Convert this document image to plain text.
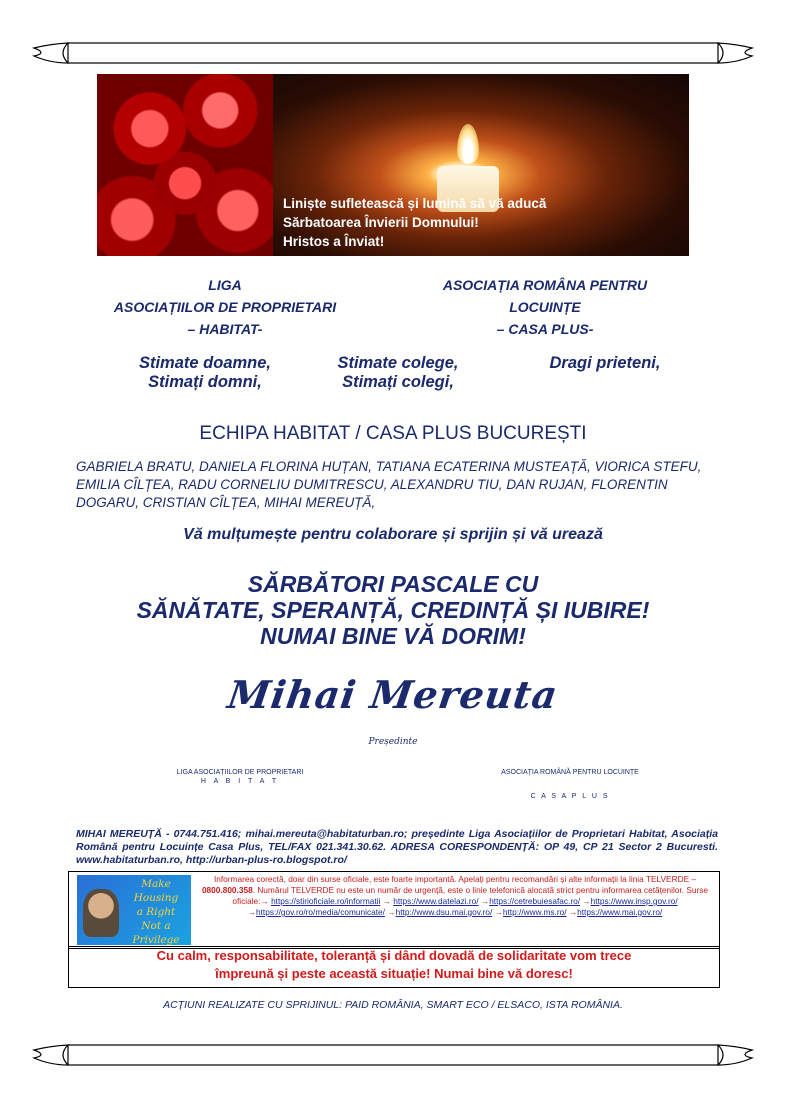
Liniște sufletească și lumină să vă aducă
Sărbatoarea Învierii Domnului!
Hristos a Înviat!
LIGA
ASOCIAȚIILOR DE PROPRIETARI
– HABITAT-
ASOCIAȚIA ROMÂNA PENTRU
LOCUINȚE
– CASA PLUS-
Stimate doamne,
Stimați domni,
Stimate colege,
Stimați colegi,
Dragi prieteni,
ECHIPA HABITAT / CASA PLUS BUCUREȘTI
GABRIELA BRATU, DANIELA FLORINA HUȚAN, TATIANA ECATERINA MUSTEAȚĂ, VIORICA STEFU, EMILIA CÎLȚEA, RADU CORNELIU DUMITRESCU, ALEXANDRU TIU, DAN RUJAN, FLORENTIN DOGARU, CRISTIAN CÎLȚEA, MIHAI MEREUȚĂ,
Vă mulțumește pentru colaborare și sprijin și vă urează
SĂRBĂTORI PASCALE CU
SĂNĂTATE, SPERANȚĂ, CREDINȚĂ ȘI IUBIRE!
NUMAI BINE VĂ DORIM!
Mihai Mereuta
Președinte
LIGA ASOCIAȚIILOR DE PROPRIETARI
H A B I T A T
ASOCIAȚIA ROMÂNĂ PENTRU LOCUINȚE
C A S A P L U S
MIHAI MEREUȚĂ - 0744.751.416; mihai.mereuta@habitaturban.ro; președinte Liga Asociațiilor de Proprietari Habitat, Asociația Română pentru Locuințe Casa Plus, TEL/FAX 021.341.30.62. ADRESA CORESPONDENȚĂ: OP 49, CP 21 Sector 2 Bucuresti. www.habitaturban.ro, http://urban-plus-ro.blogspot.ro/
Make
Housing
a Right
Not a
Privilege
Informarea corectă, doar din surse oficiale, este foarte importantă. Apelați pentru recomandări și alte informații la linia TELVERDE – 0800.800.358. Numărul TELVERDE nu este un număr de urgență, este o linie telefonică alocată strict pentru informarea cetățenilor. Surse oficiale:→ https://stirioficiale.ro/informatii → https://www.datelazi.ro/ →https://cetrebuiesafac.ro/ →https://www.insp.gov.ro/ →https://gov.ro/ro/media/comunicate/ →http://www.dsu.mai.gov.ro/ →http://www.ms.ro/ →https://www.mai.gov.ro/
Cu calm, responsabilitate, toleranță și dând dovadă de solidaritate vom trece
împreună și peste această situație! Numai bine vă doresc!
ACȚIUNI REALIZATE CU SPRIJINUL: PAID ROMÂNIA, SMART ECO / ELSACO, ISTA ROMÂNIA.
